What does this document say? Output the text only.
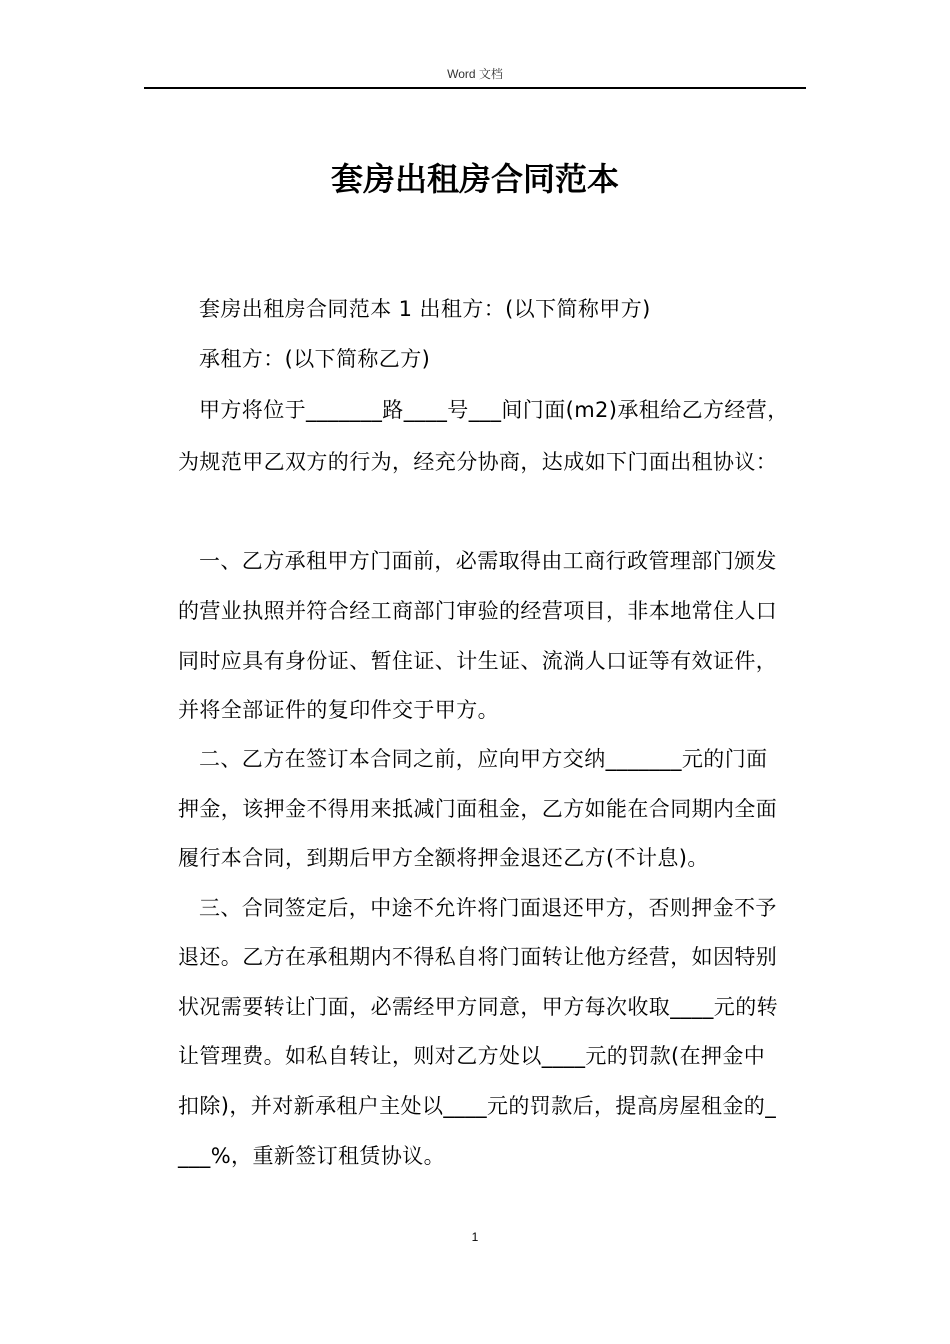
Word 文档
套房出租房合同范本
套房出租房合同范本 1 出租方：(以下简称甲方)
承租方：(以下简称乙方)
甲方将位于_______路____号___间门面(m2)承租给乙方经营，
为规范甲乙双方的行为，经充分协商，达成如下门面出租协议：
一、乙方承租甲方门面前，必需取得由工商行政管理部门颁发
的营业执照并符合经工商部门审验的经营项目，非本地常住人口
同时应具有身份证、暂住证、计生证、流淌人口证等有效证件，
并将全部证件的复印件交于甲方。
二、乙方在签订本合同之前，应向甲方交纳_______元的门面
押金，该押金不得用来抵减门面租金，乙方如能在合同期内全面
履行本合同，到期后甲方全额将押金退还乙方(不计息)。
三、合同签定后，中途不允许将门面退还甲方，否则押金不予
退还。乙方在承租期内不得私自将门面转让他方经营，如因特别
状况需要转让门面，必需经甲方同意，甲方每次收取____元的转
让管理费。如私自转让，则对乙方处以____元的罚款(在押金中
扣除)，并对新承租户主处以____元的罚款后，提高房屋租金的_
___%，重新签订租赁协议。
1
